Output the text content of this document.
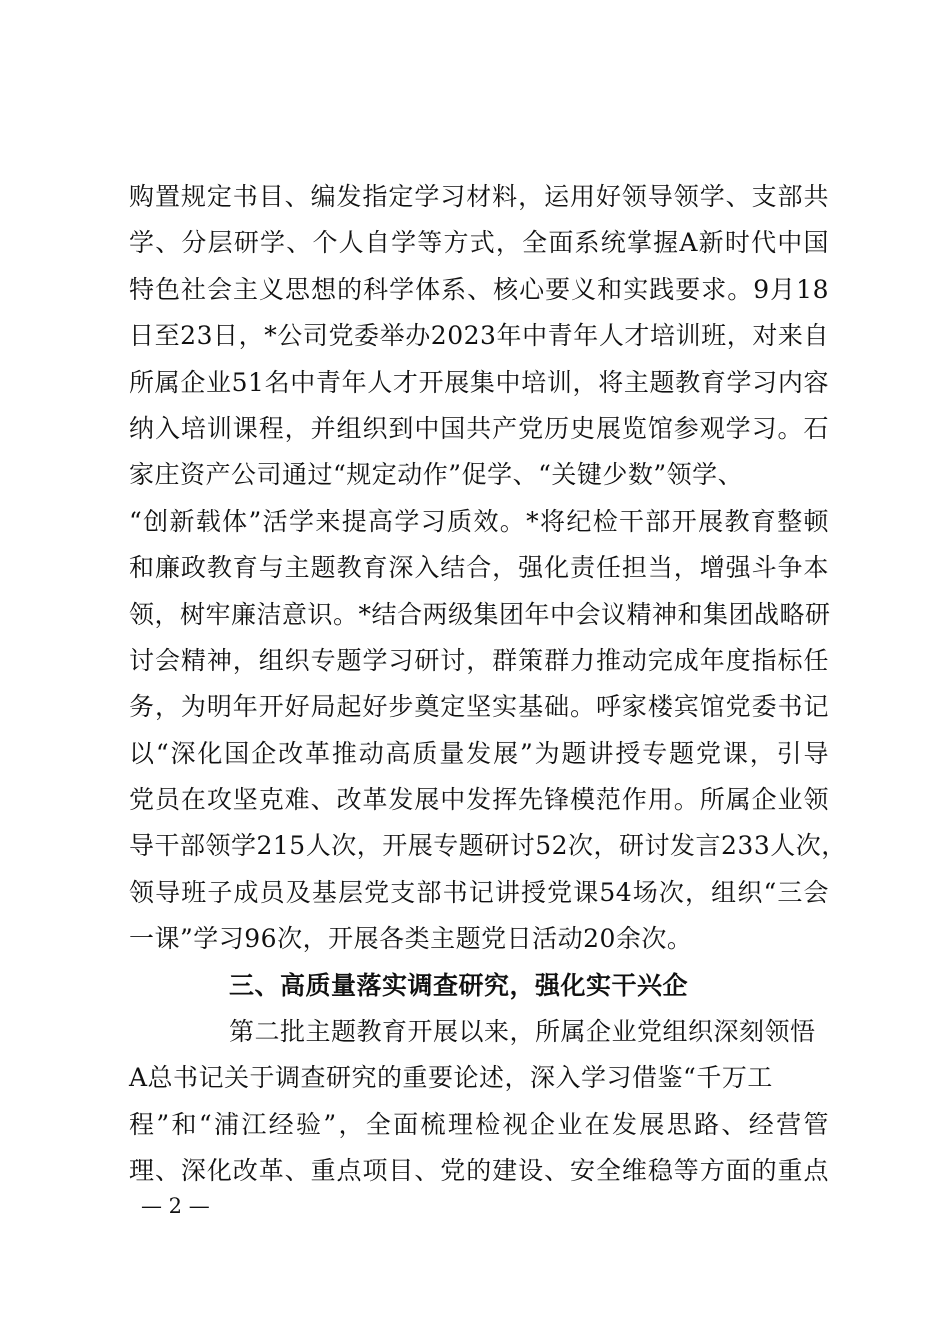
购置规定书目、编发指定学习材料，运用好领导领学、支部共
学、分层研学、个人自学等方式，全面系统掌握A新时代中国
特色社会主义思想的科学体系、核心要义和实践要求。9月18
日至23日，*公司党委举办2023年中青年人才培训班，对来自
所属企业51名中青年人才开展集中培训，将主题教育学习内容
纳入培训课程，并组织到中国共产党历史展览馆参观学习。石
家庄资产公司通过“规定动作”促学、“关键少数”领学、
“创新载体”活学来提高学习质效。*将纪检干部开展教育整顿
和廉政教育与主题教育深入结合，强化责任担当，增强斗争本
领，树牢廉洁意识。*结合两级集团年中会议精神和集团战略研
讨会精神，组织专题学习研讨，群策群力推动完成年度指标任
务，为明年开好局起好步奠定坚实基础。呼家楼宾馆党委书记
以“深化国企改革推动高质量发展”为题讲授专题党课，引导
党员在攻坚克难、改革发展中发挥先锋模范作用。所属企业领
导干部领学215人次，开展专题研讨52次，研讨发言233人次，
领导班子成员及基层党支部书记讲授党课54场次，组织“三会
一课”学习96次，开展各类主题党日活动20余次。
三、高质量落实调查研究，强化实干兴企
第二批主题教育开展以来，所属企业党组织深刻领悟
A总书记关于调查研究的重要论述，深入学习借鉴“千万工
程”和“浦江经验”，全面梳理检视企业在发展思路、经营管
理、深化改革、重点项目、党的建设、安全维稳等方面的重点
— 2 —
